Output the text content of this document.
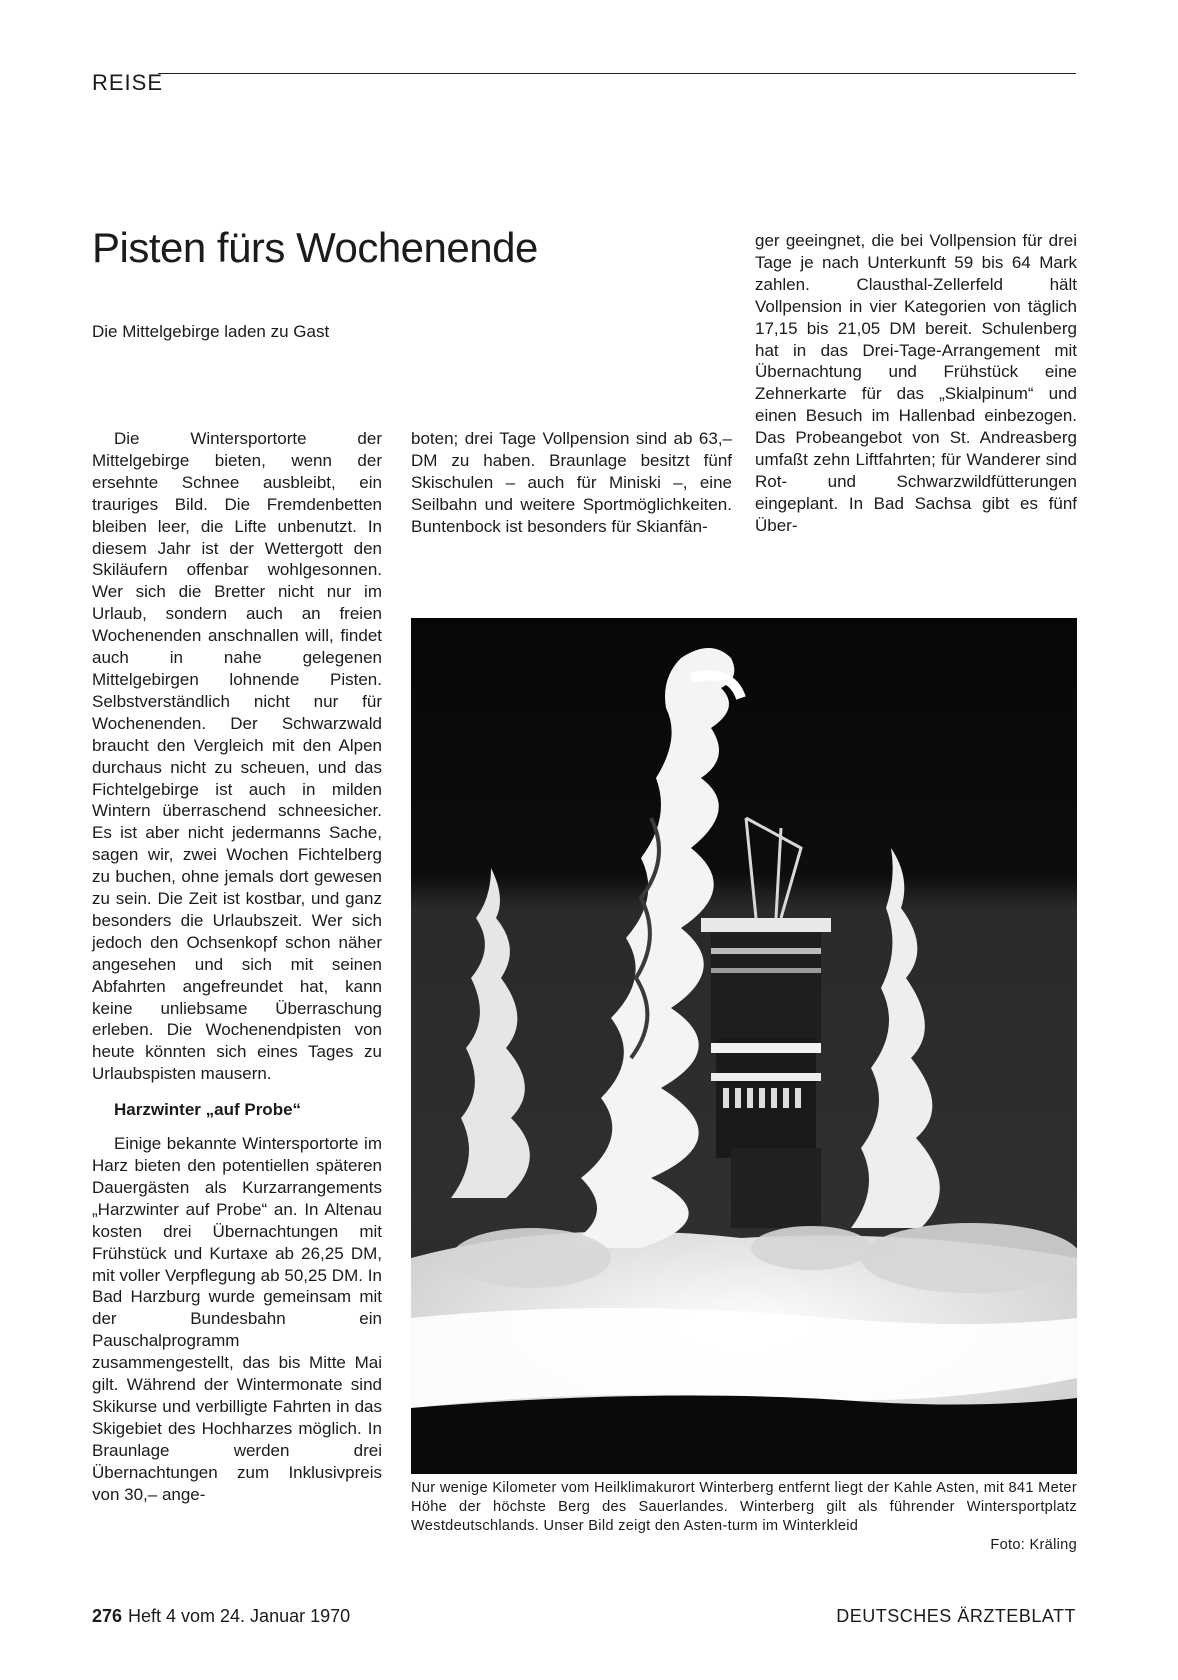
REISE
Pisten fürs Wochenende
Die Mittelgebirge laden zu Gast

Die Wintersportorte der Mittelgebirge bieten, wenn der ersehnte Schnee ausbleibt, ein trauriges Bild. Die Fremdenbetten bleiben leer, die Lifte unbenutzt. In diesem Jahr ist der Wettergott den Skiläufern offenbar wohlgesonnen. Wer sich die Bretter nicht nur im Urlaub, sondern auch an freien Wochenenden anschnallen will, findet auch in nahe gelegenen Mittelgebirgen lohnende Pisten. Selbstverständlich nicht nur für Wochenenden. Der Schwarzwald braucht den Vergleich mit den Alpen durchaus nicht zu scheuen, und das Fichtelgebirge ist auch in milden Wintern überraschend schneesicher. Es ist aber nicht jedermanns Sache, sagen wir, zwei Wochen Fichtelberg zu buchen, ohne jemals dort gewesen zu sein. Die Zeit ist kostbar, und ganz besonders die Urlaubszeit. Wer sich jedoch den Ochsenkopf schon näher angesehen und sich mit seinen Abfahrten angefreundet hat, kann keine unliebsame Überraschung erleben. Die Wochenendpisten von heute könnten sich eines Tages zu Urlaubspisten mausern.

Harzwinter „auf Probe“

Einige bekannte Wintersportorte im Harz bieten den potentiellen späteren Dauergästen als Kurzarrangements „Harzwinter auf Probe“ an. In Altenau kosten drei Übernachtungen mit Frühstück und Kurtaxe ab 26,25 DM, mit voller Verpflegung ab 50,25 DM. In Bad Harzburg wurde gemeinsam mit der Bundesbahn ein Pauschalprogramm zusammengestellt, das bis Mitte Mai gilt. Während der Wintermonate sind Skikurse und verbilligte Fahrten in das Skigebiet des Hochharzes möglich. In Braunlage werden drei Übernachtungen zum Inklusivpreis von 30,– ange-

boten; drei Tage Vollpension sind ab 63,– DM zu haben. Braunlage besitzt fünf Skischulen – auch für Miniski –, eine Seilbahn und weitere Sportmöglichkeiten. Buntenbock ist besonders für Skianfän-

ger geeingnet, die bei Vollpension für drei Tage je nach Unterkunft 59 bis 64 Mark zahlen. Clausthal-Zellerfeld hält Vollpension in vier Kategorien von täglich 17,15 bis 21,05 DM bereit. Schulenberg hat in das Drei-Tage-Arrangement mit Übernachtung und Frühstück eine Zehnerkarte für das „Skialpinum“ und einen Besuch im Hallenbad einbezogen. Das Probeangebot von St. Andreasberg umfaßt zehn Liftfahrten; für Wanderer sind Rot- und Schwarzwildfütterungen eingeplant. In Bad Sachsa gibt es fünf Über-

Nur wenige Kilometer vom Heilklimakurort Winterberg entfernt liegt der Kahle Asten, mit 841 Meter Höhe der höchste Berg des Sauerlandes. Winterberg gilt als führender Wintersportplatz Westdeutschlands. Unser Bild zeigt den Asten-turm im Winterkleid
Foto: Kräling
276 Heft 4 vom 24. Januar 1970	DEUTSCHES ÄRZTEBLATT
